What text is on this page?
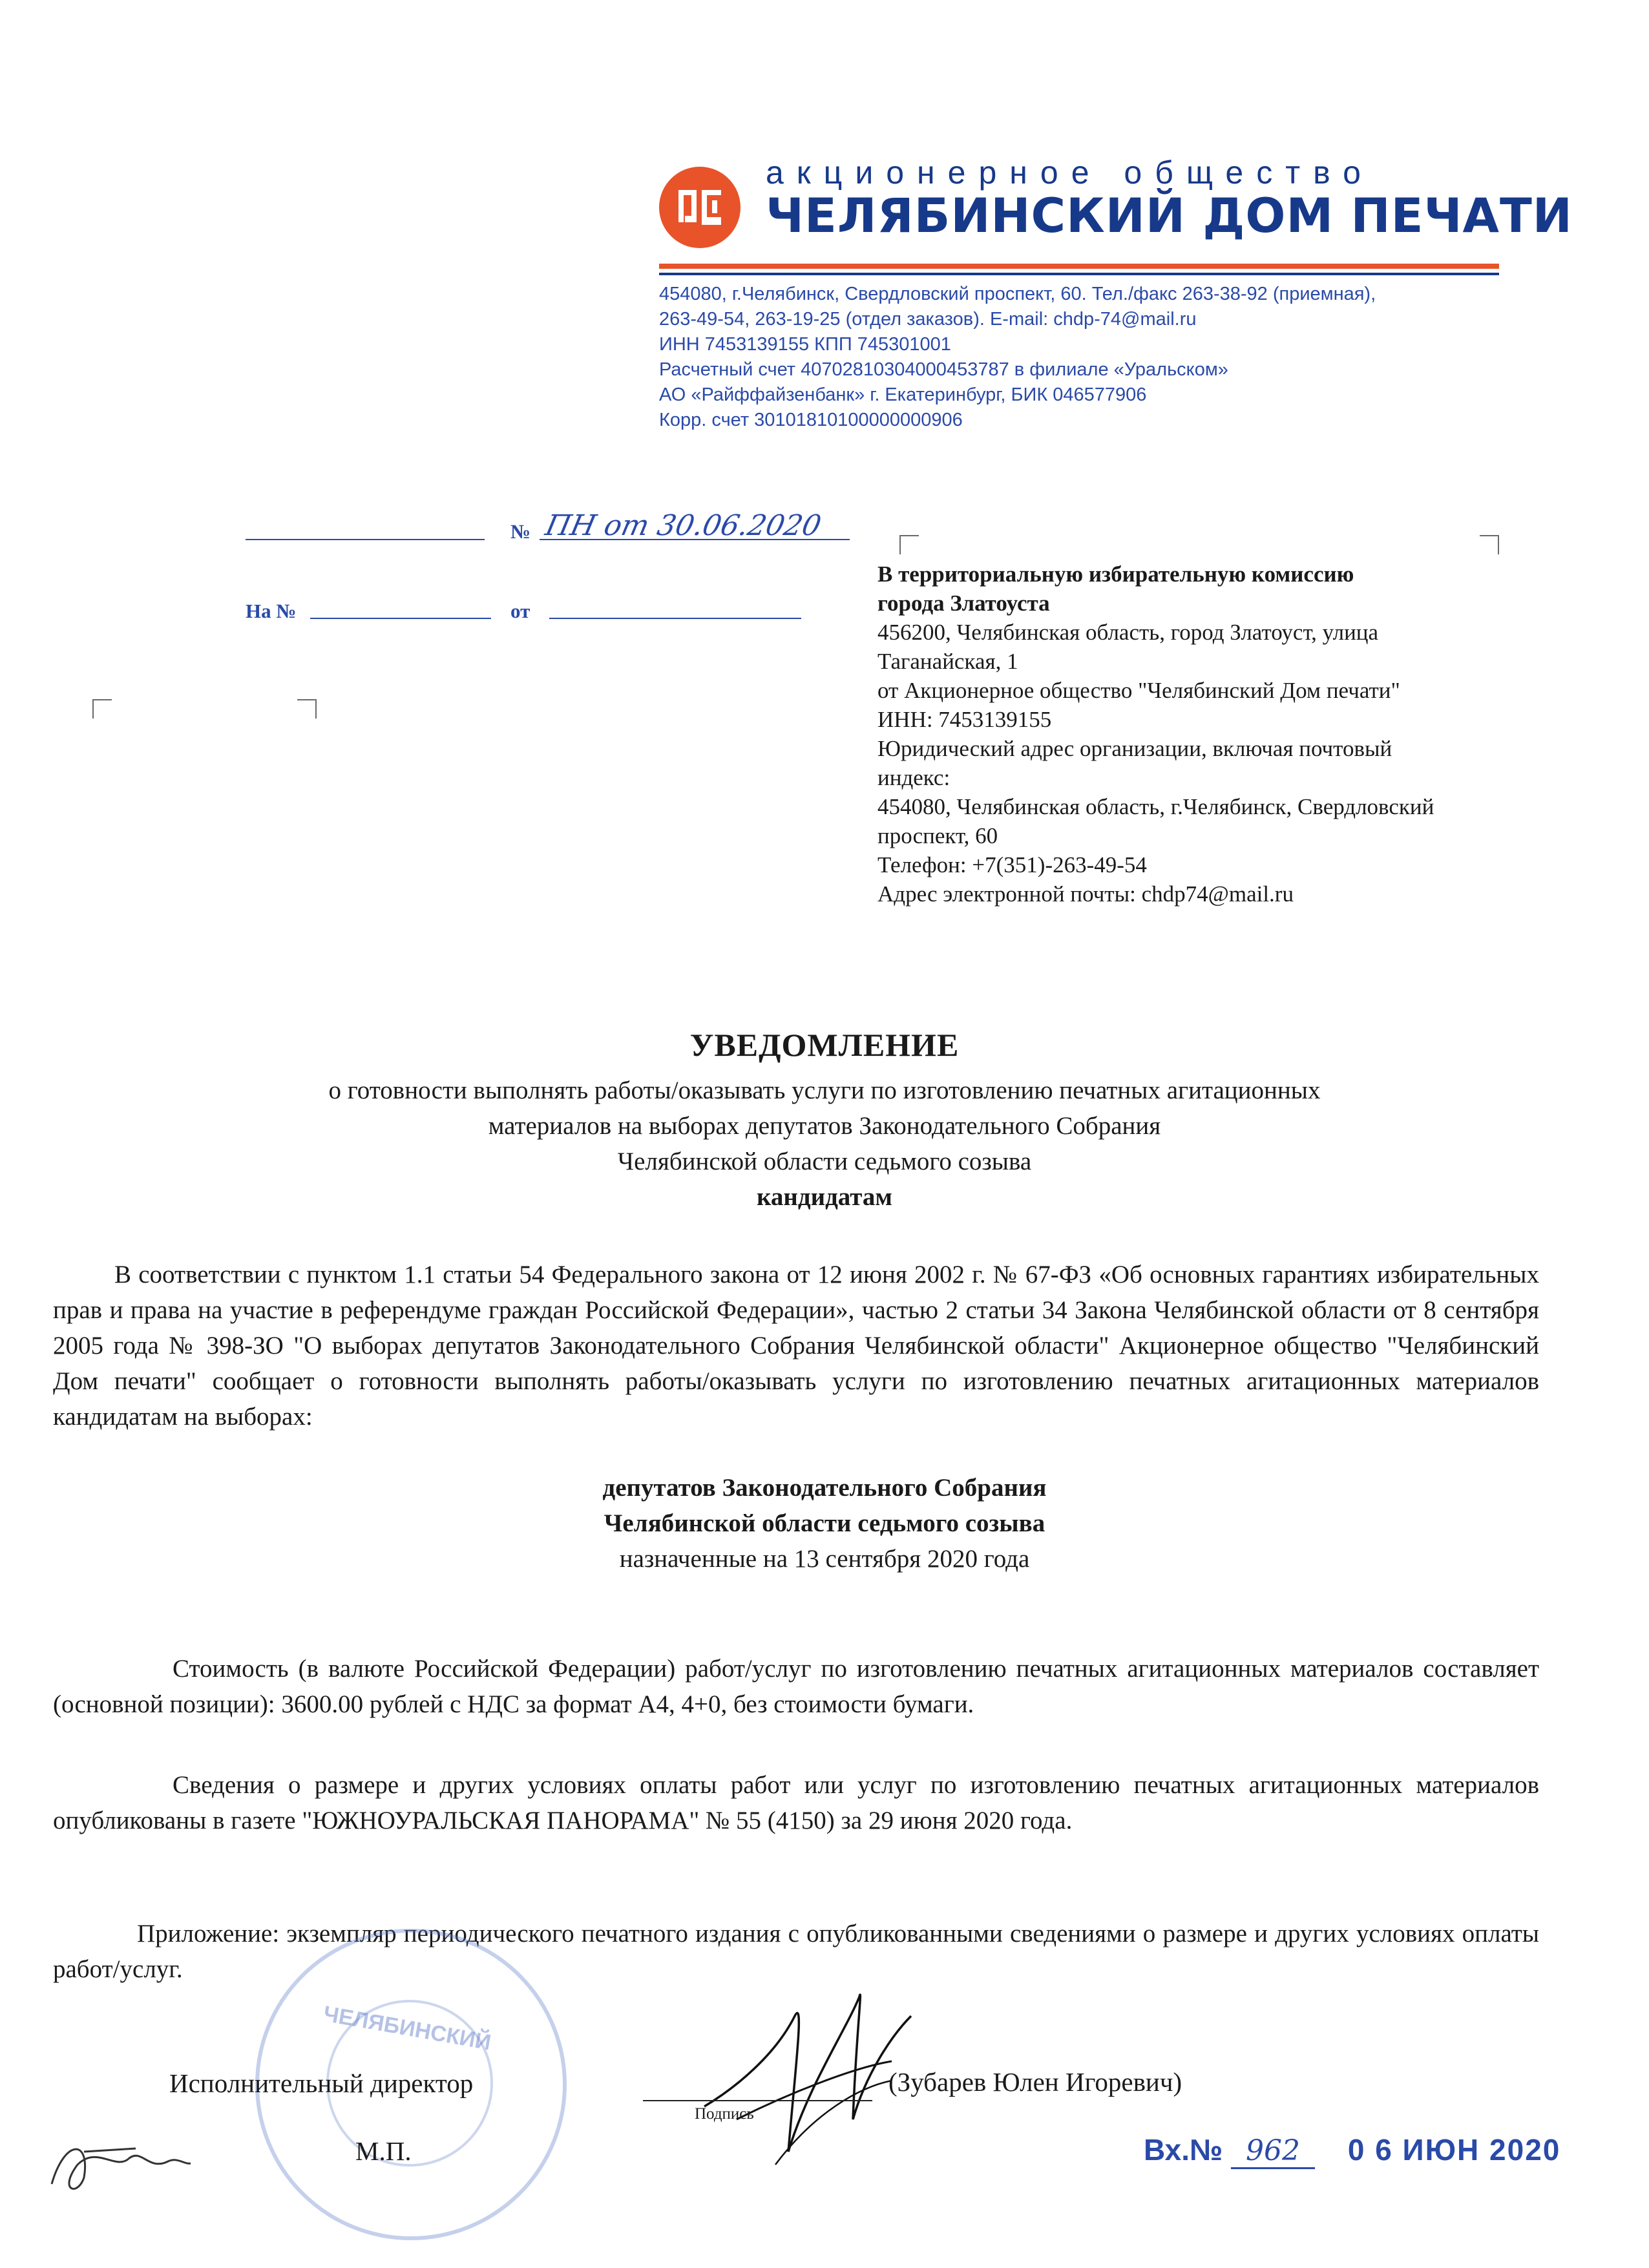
акционерное общество
ЧЕЛЯБИНСКИЙ ДОМ ПЕЧАТИ
454080, г.Челябинск, Свердловский проспект, 60. Тел./факс 263-38-92 (приемная),
263-49-54, 263-19-25 (отдел заказов). E-mail: chdp-74@mail.ru
ИНН 7453139155 КПП 745301001
Расчетный счет 40702810304000453787 в филиале «Уральском»
АО «Райффайзенбанк» г. Екатеринбург, БИК 046577906
Корр. счет 30101810100000000906
№ ПН от 30.06.2020
На №	от
В территориальную избирательную комиссию
города Златоуста
456200, Челябинская область, город Златоуст, улица
Таганайская, 1
от Акционерное общество "Челябинский Дом печати"
ИНН: 7453139155
Юридический адрес организации, включая почтовый
индекс:
454080, Челябинская область, г.Челябинск, Свердловский
проспект, 60
Телефон: +7(351)-263-49-54
Адрес электронной почты: chdp74@mail.ru
УВЕДОМЛЕНИЕ
о готовности выполнять работы/оказывать услуги по изготовлению печатных агитационных
материалов на выборах депутатов Законодательного Собрания
Челябинской области седьмого созыва
кандидатам
В соответствии с пунктом 1.1 статьи 54 Федерального закона от 12 июня 2002 г. № 67-ФЗ «Об основных гарантиях избирательных прав и права на участие в референдуме граждан Российской Федерации», частью 2 статьи 34 Закона Челябинской области от 8 сентября 2005 года № 398-ЗО "О выборах депутатов Законодательного Собрания Челябинской области" Акционерное общество "Челябинский Дом печати" сообщает о готовности выполнять работы/оказывать услуги по изготовлению печатных агитационных материалов кандидатам на выборах:
депутатов Законодательного Собрания
Челябинской области седьмого созыва
назначенные на 13 сентября 2020 года
Стоимость (в валюте Российской Федерации) работ/услуг по изготовлению печатных агитационных материалов составляет (основной позиции): 3600.00 рублей с НДС за формат А4, 4+0, без стоимости бумаги.
Сведения о размере и других условиях оплаты работ или услуг по изготовлению печатных агитационных материалов опубликованы в газете "ЮЖНОУРАЛЬСКАЯ ПАНОРАМА" № 55 (4150) за 29 июня 2020 года.
Приложение: экземпляр периодического печатного издания с опубликованными сведениями о размере и других условиях оплаты работ/услуг.
ЧЕЛЯБИНСКИЙ
Исполнительный директор
М.П.
Подпись
(Зубарев Юлен Игоревич)
Вх.№ 962 0 6 ИЮН 2020
